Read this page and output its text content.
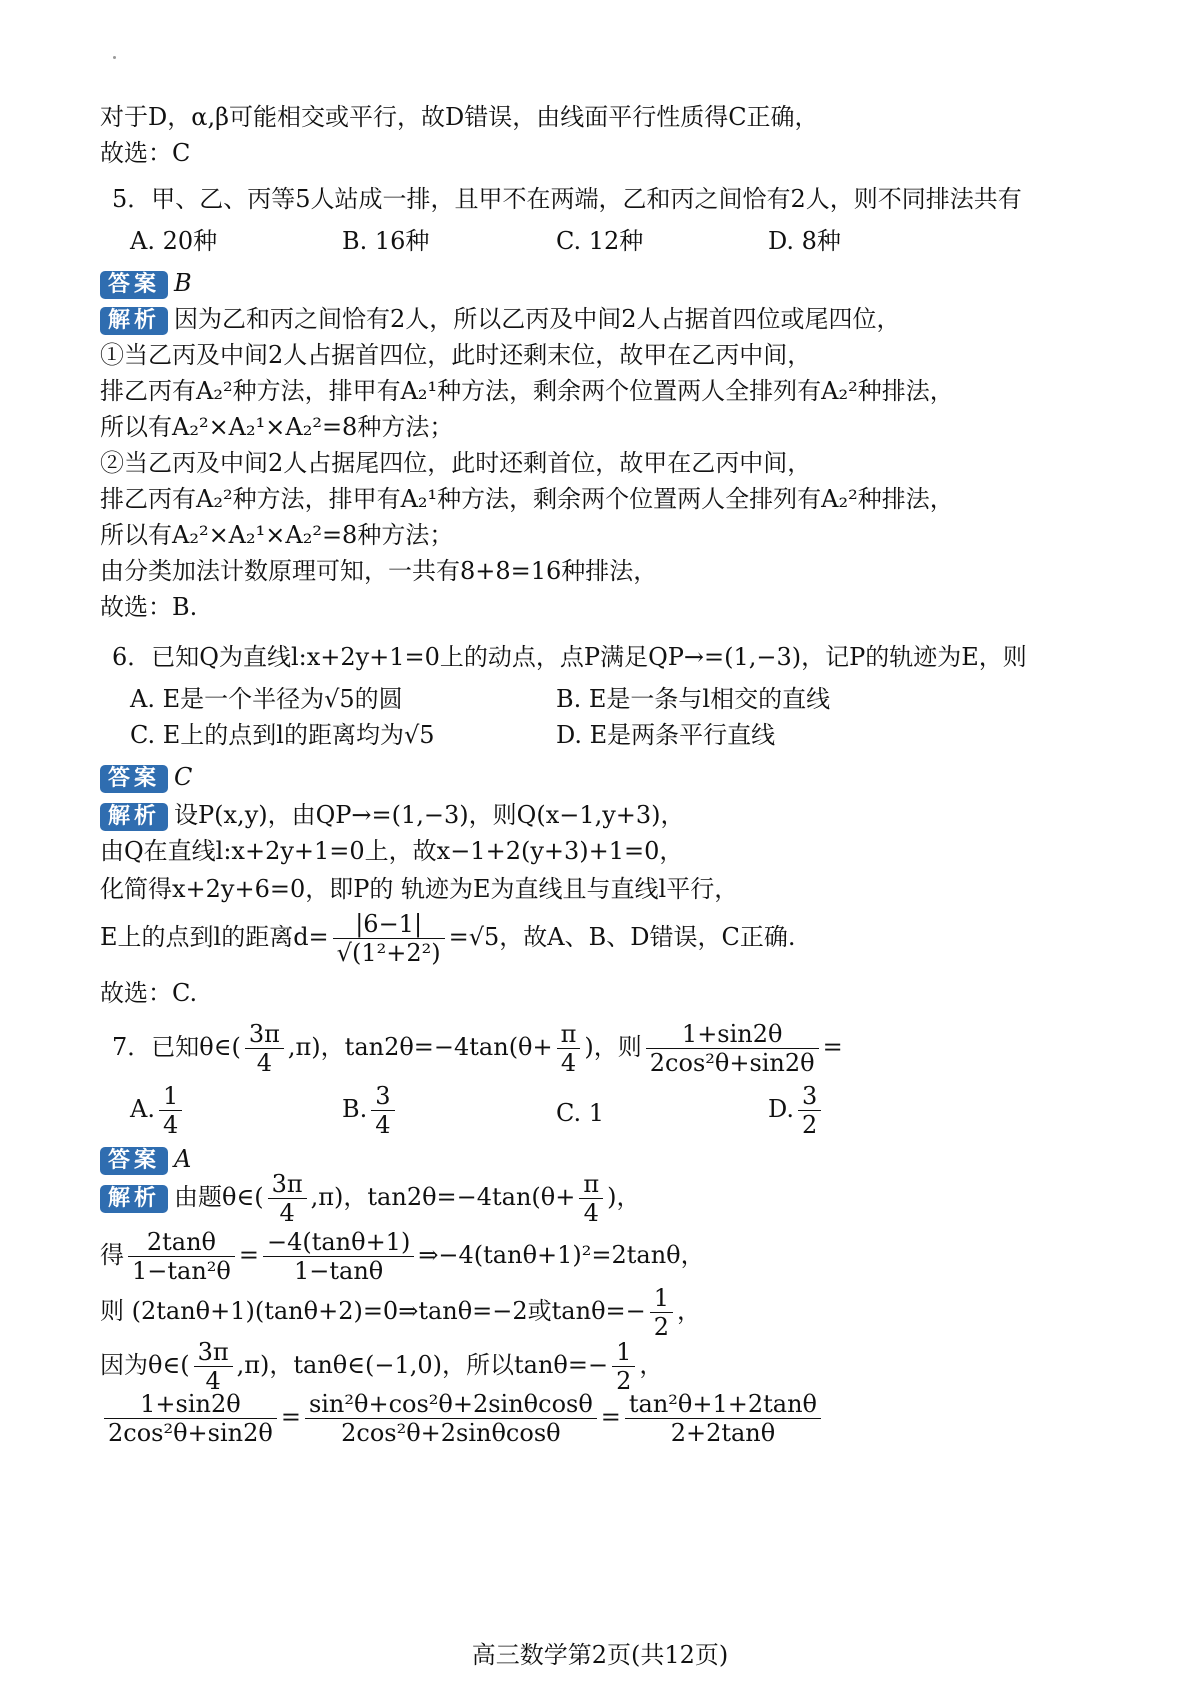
对于D，α,β可能相交或平行，故D错误，由线面平行性质得C正确，
故选：C
5．甲、乙、丙等5人站成一排，且甲不在两端，乙和丙之间恰有2人，则不同排法共有
A. 20种	B. 16种	C. 12种	D. 8种
答案 B
解析 因为乙和丙之间恰有2人，所以乙丙及中间2人占据首四位或尾四位，
①当乙丙及中间2人占据首四位，此时还剩末位，故甲在乙丙中间，
排乙丙有A₂²种方法，排甲有A₂¹种方法，剩余两个位置两人全排列有A₂²种排法，
所以有A₂²×A₂¹×A₂²=8种方法；
②当乙丙及中间2人占据尾四位，此时还剩首位，故甲在乙丙中间，
排乙丙有A₂²种方法，排甲有A₂¹种方法，剩余两个位置两人全排列有A₂²种排法，
所以有A₂²×A₂¹×A₂²=8种方法；
由分类加法计数原理可知，一共有8+8=16种排法，
故选：B.
6．已知Q为直线l:x+2y+1=0上的动点，点P满足QP→=(1,−3)，记P的轨迹为E，则
A. E是一个半径为√5的圆	B. E是一条与l相交的直线
C. E上的点到l的距离均为√5	D. E是两条平行直线
答案 C
解析 设P(x,y)，由QP→=(1,−3)，则Q(x−1,y+3)，
由Q在直线l:x+2y+1=0上，故x−1+2(y+3)+1=0，
化简得x+2y+6=0，即P的 轨迹为E为直线且与直线l平行，
E上的点到l的距离$d= \frac{|6-1|}{\text{√(1²+2²)}} =√5$，故A、B、D错误，C正确.
故选：C.
7．已知θ∈( $\frac{3\pi}{4} ,\pi$)，$\tan 2\theta=-4\tan(\theta+ \frac{\pi}{4}$ )，则 $\frac{1+\sin 2\theta}{\text{2cos²θ+sin2θ}}$ =
A. $\frac{1}{4}$	B. $\frac{3}{4}$	C. 1	D. $\frac{3}{2}$
答案 A
解析 由题θ∈( $\frac{3\pi}{4} ,\pi$)，$\tan 2\theta=-4\tan(\theta+ \frac{\pi}{4}$ )，
得 $\frac{2\tan\theta}{\text{1−tan²θ}} = \frac{-4(\tan\theta+1)}{1-\tan\theta}$ ⇒−4(tanθ+1)²=2tanθ，
则 (2tanθ+1)(tanθ+2)=0⇒tanθ=−2或$\tan\theta=- \frac{1}{2}$ ，
因为θ∈( $\frac{3\pi}{4} ,\pi$)，tanθ∈(−1,0)，所以$\tan\theta=- \frac{1}{2}$ ，
$\frac{1+\sin 2\theta}{\text{2cos²θ+sin2θ}} = \frac{\text{sin²θ+cos²θ+2sinθcosθ}}{\text{2cos²θ+2sinθcosθ}} = \frac{\text{tan²θ+1+2tanθ}}{2+2\tan\theta}$
高三数学第2页(共12页)
